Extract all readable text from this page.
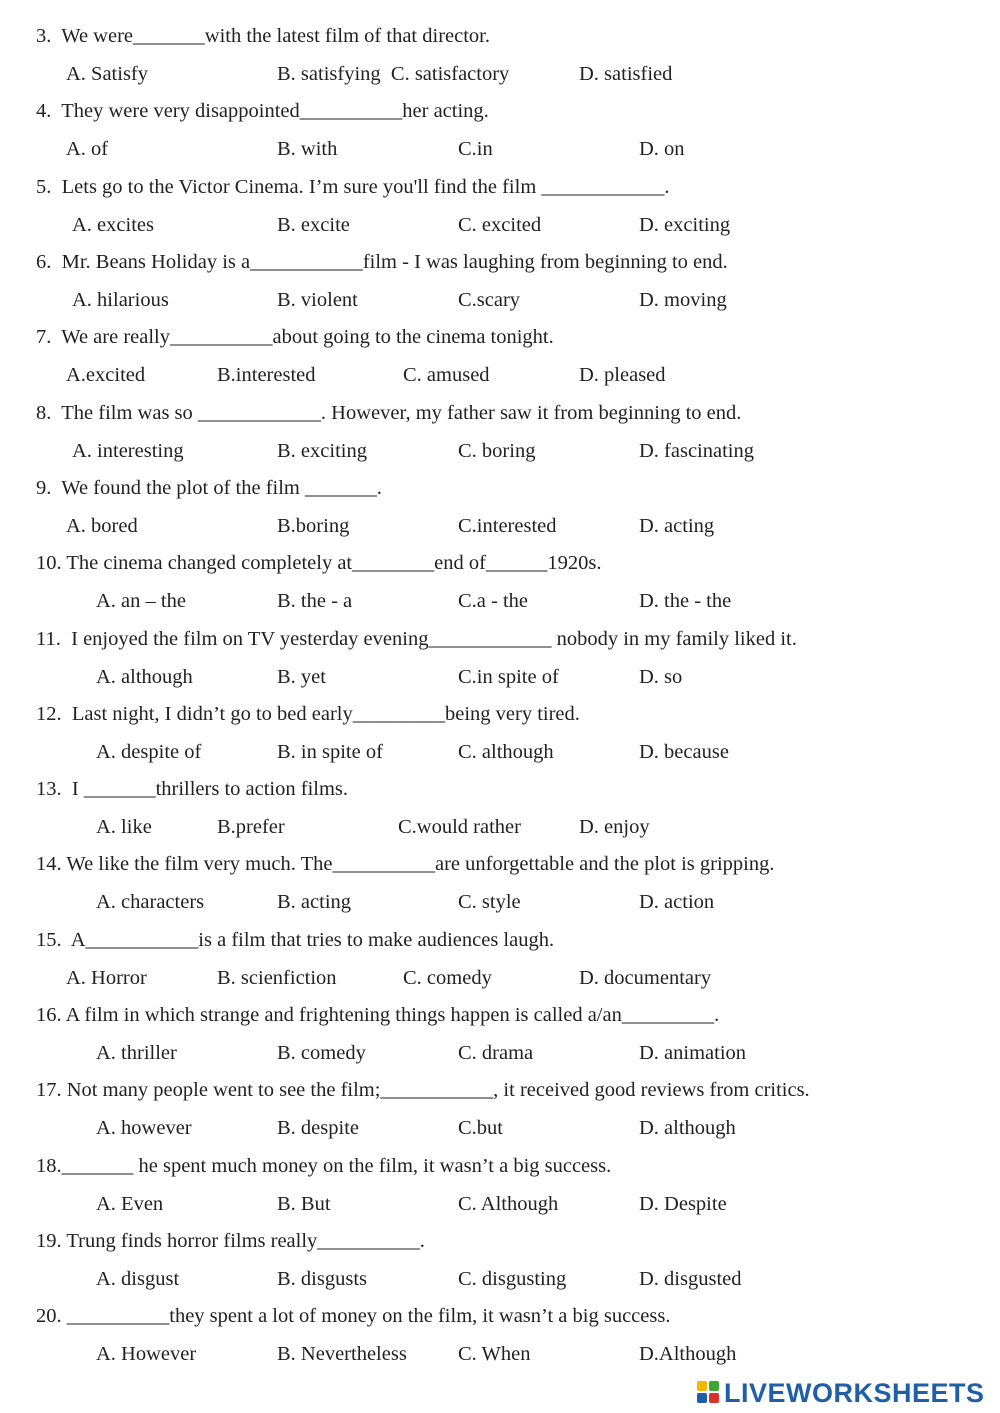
3.  We were_______with the latest film of that director.
A. Satisfy	B. satisfying  C. satisfactory	D. satisfied
4.  They were very disappointed__________her acting.
A. of	B. with	C.in	D. on
5.  Lets go to the Victor Cinema. I’m sure you'll find the film ____________.
A. excites	B. excite	C. excited	D. exciting
6.  Mr. Beans Holiday is a___________film - I was laughing from beginning to end.
A. hilarious	B. violent	C.scary	D. moving
7.  We are really__________about going to the cinema tonight.
A.excited	B.interested	C. amused	D. pleased
8.  The film was so ____________. However, my father saw it from beginning to end.
A. interesting	B. exciting	C. boring	D. fascinating
9.  We found the plot of the film _______.
A. bored	B.boring	C.interested	D. acting
10. The cinema changed completely at________end of______1920s.
A. an – the	B. the - a	C.a - the	D. the - the
11.  I enjoyed the film on TV yesterday evening____________ nobody in my family liked it.
A. although	B. yet	C.in spite of	D. so
12.  Last night, I didn’t go to bed early_________being very tired.
A. despite of	B. in spite of	C. although	D. because
13.  I _______thrillers to action films.
A. like	B.prefer	C.would rather	D. enjoy
14. We like the film very much. The__________are unforgettable and the plot is gripping.
A. characters	B. acting	C. style	D. action
15.  A___________is a film that tries to make audiences laugh.
A. Horror	B. scienfiction	C. comedy	D. documentary
16. A film in which strange and frightening things happen is called a/an_________.
A. thriller	B. comedy	C. drama	D. animation
17. Not many people went to see the film;___________, it received good reviews from critics.
A. however	B. despite	C.but	D. although
18._______ he spent much money on the film, it wasn’t a big success.
A. Even	B. But	C. Although	D. Despite
19. Trung finds horror films really__________.
A. disgust	B. disgusts	C. disgusting	D. disgusted
20. __________they spent a lot of money on the film, it wasn’t a big success.
A. However	B. Nevertheless C. When	D.Although
LIVEWORKSHEETS
